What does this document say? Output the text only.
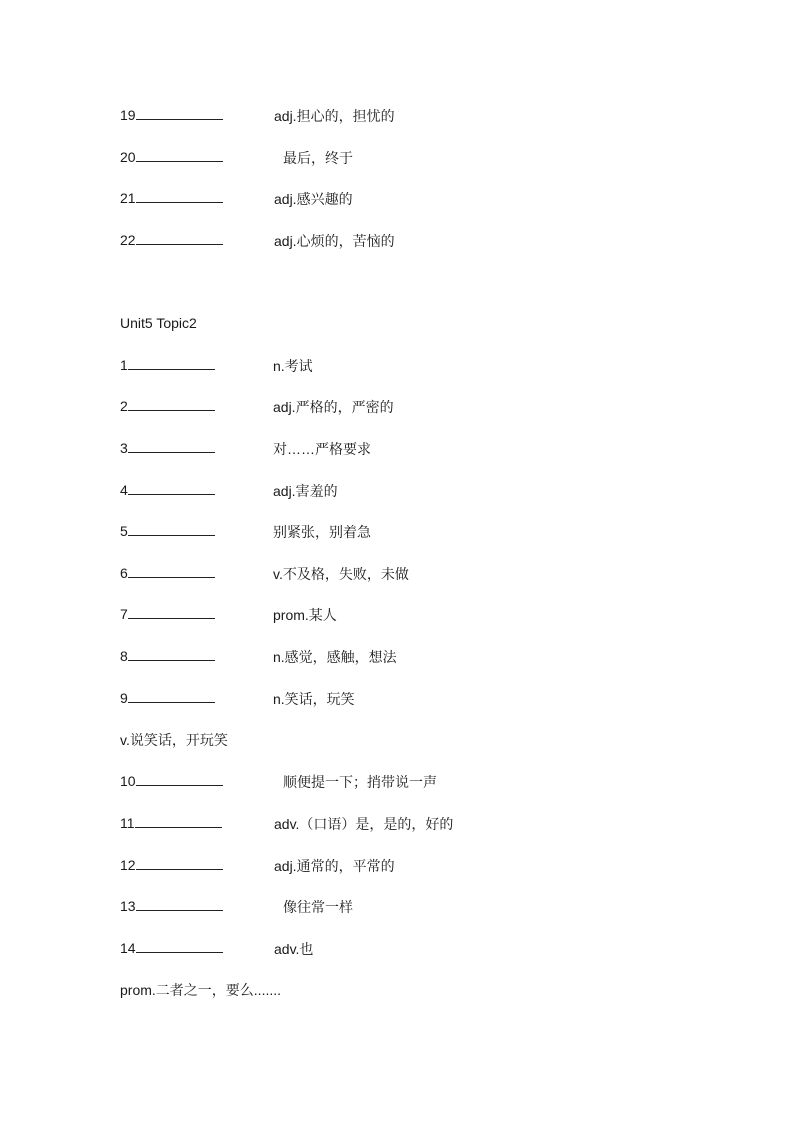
19	adj.担心的，担忧的
20	最后，终于
21	adj.感兴趣的
22	adj.心烦的，苦恼的
Unit5 Topic2
1	n.考试
2	adj.严格的，严密的
3	对……严格要求
4	adj.害羞的
5	别紧张，别着急
6	v.不及格，失败，未做
7	prom.某人
8	n.感觉，感触，想法
9	n.笑话，玩笑
v.说笑话，开玩笑
10	顺便提一下；捎带说一声
11	adv.（口语）是，是的，好的
12	adj.通常的，平常的
13	像往常一样
14	adv.也
prom.二者之一，要么.......
